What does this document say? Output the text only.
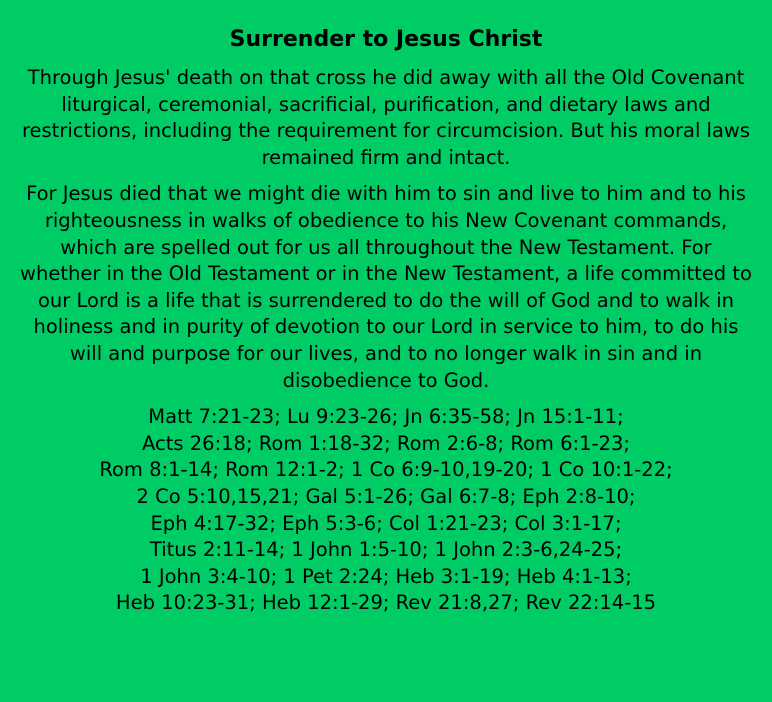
Surrender to Jesus Christ

Through Jesus' death on that cross he did away with all the Old Covenant liturgical, ceremonial, sacrificial, purification, and dietary laws and restrictions, including the requirement for circumcision. But his moral laws remained firm and intact.

For Jesus died that we might die with him to sin and live to him and to his righteousness in walks of obedience to his New Covenant commands, which are spelled out for us all throughout the New Testament. For whether in the Old Testament or in the New Testament, a life committed to our Lord is a life that is surrendered to do the will of God and to walk in holiness and in purity of devotion to our Lord in service to him, to do his will and purpose for our lives, and to no longer walk in sin and in disobedience to God.

Matt 7:21-23; Lu 9:23-26; Jn 6:35-58; Jn 15:1-11;
Acts 26:18; Rom 1:18-32; Rom 2:6-8; Rom 6:1-23;
Rom 8:1-14; Rom 12:1-2; 1 Co 6:9-10,19-20; 1 Co 10:1-22;
2 Co 5:10,15,21; Gal 5:1-26; Gal 6:7-8; Eph 2:8-10;
Eph 4:17-32; Eph 5:3-6; Col 1:21-23; Col 3:1-17;
Titus 2:11-14; 1 John 1:5-10; 1 John 2:3-6,24-25;
1 John 3:4-10; 1 Pet 2:24; Heb 3:1-19; Heb 4:1-13;
Heb 10:23-31; Heb 12:1-29; Rev 21:8,27; Rev 22:14-15
